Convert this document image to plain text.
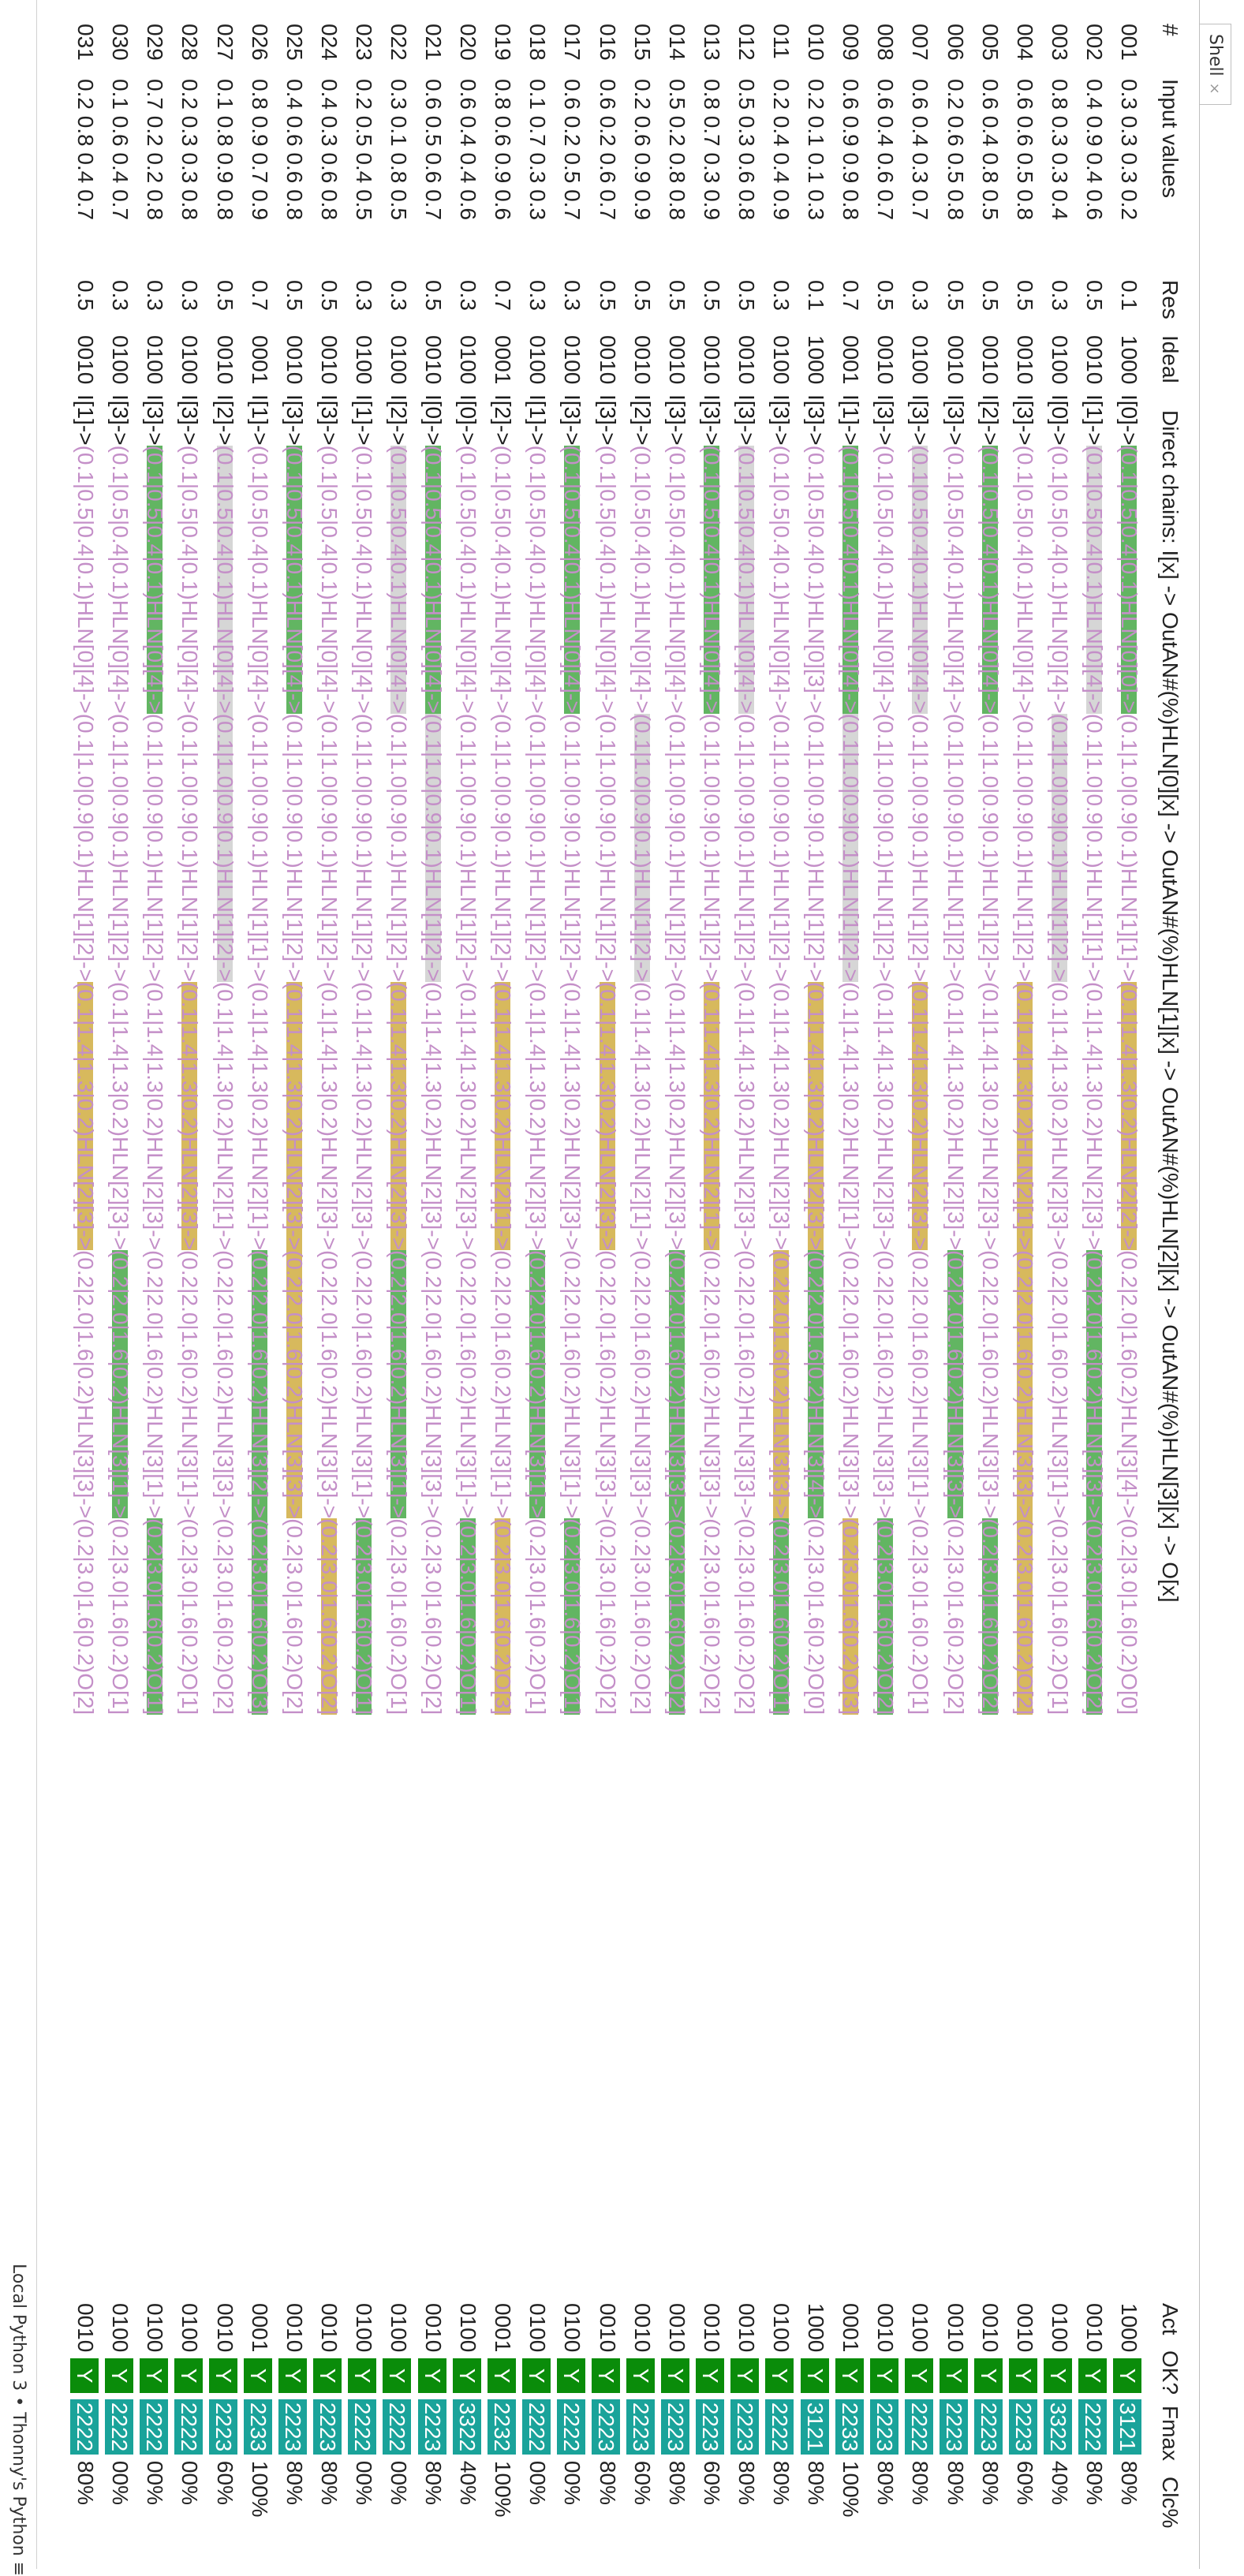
Shell×
#
Input values
Res
Ideal
Direct chains: I[x] -> OutAN#(%)HLN[0][x] -> OutAN#(%)HLN[1][x] -> OutAN#(%)HLN[2][x] -> OutAN#(%)HLN[3][x] -> O[x]
Act
OK?
Fmax
Clc%
001
0.3 0.3 0.3 0.2
0.1
1000
I[0]->
(0.1|0.5|0.4|0.1)HLN[0][0]->(0.1|1.0|0.9|0.1)HLN[1][1]->
(0.1|1.4|1.3|0.2)HLN[2][2]->(0.2|2.0|1.6|0.2)HLN[3][4]->(0.2|3.0|1.6|0.2)O[0]
1000 Y 3121 80%
002
0.4 0.9 0.4 0.6
0.5
0010
I[1]->
(0.1|0.5|0.4|0.1)HLN[0][4]->(0.1|1.0|0.9|0.1)HLN[1][1]->(0.1|1.4|1.3|0.2)HLN[2][3]->
(0.2|2.0|1.6|0.2)HLN[3][3]->
(0.2|3.0|1.6|0.2)O[2]
0010 Y 2222 80%
003
0.8 0.3 0.3 0.4
0.3
0100
I[0]->(0.1|0.5|0.4|0.1)HLN[0][4]->
(0.1|1.0|0.9|0.1)HLN[1][2]->(0.1|1.4|1.3|0.2)HLN[2][3]->(0.2|2.0|1.6|0.2)HLN[3][1]->(0.2|3.0|1.6|0.2)O[1]
0100 Y 3322 40%
004
0.6 0.6 0.5 0.8
0.5
0010
I[3]->(0.1|0.5|0.4|0.1)HLN[0][4]->(0.1|1.0|0.9|0.1)HLN[1][2]->
(0.1|1.4|1.3|0.2)HLN[2][1]->
(0.2|2.0|1.6|0.2)HLN[3][3]->
(0.2|3.0|1.6|0.2)O[2]
0010 Y 2223 60%
005
0.6 0.4 0.8 0.5
0.5
0010
I[2]->
(0.1|0.5|0.4|0.1)HLN[0][4]->(0.1|1.0|0.9|0.1)HLN[1][2]->(0.1|1.4|1.3|0.2)HLN[2][3]->(0.2|2.0|1.6|0.2)HLN[3][3]->
(0.2|3.0|1.6|0.2)O[2]
0010 Y 2223 80%
006
0.2 0.6 0.5 0.8
0.5
0010
I[3]->(0.1|0.5|0.4|0.1)HLN[0][4]->(0.1|1.0|0.9|0.1)HLN[1][2]->(0.1|1.4|1.3|0.2)HLN[2][3]->
(0.2|2.0|1.6|0.2)HLN[3][3]->(0.2|3.0|1.6|0.2)O[2]
0010 Y 2223 80%
007
0.6 0.4 0.3 0.7
0.3
0100
I[3]->
(0.1|0.5|0.4|0.1)HLN[0][4]->(0.1|1.0|0.9|0.1)HLN[1][2]->
(0.1|1.4|1.3|0.2)HLN[2][3]->(0.2|2.0|1.6|0.2)HLN[3][1]->(0.2|3.0|1.6|0.2)O[1]
0100 Y 2222 80%
008
0.6 0.4 0.6 0.7
0.5
0010
I[3]->(0.1|0.5|0.4|0.1)HLN[0][4]->(0.1|1.0|0.9|0.1)HLN[1][2]->(0.1|1.4|1.3|0.2)HLN[2][3]->(0.2|2.0|1.6|0.2)HLN[3][3]->
(0.2|3.0|1.6|0.2)O[2]
0010 Y 2223 80%
009
0.6 0.9 0.9 0.8
0.7
0001
I[1]->
(0.1|0.5|0.4|0.1)HLN[0][4]->
(0.1|1.0|0.9|0.1)HLN[1][2]->(0.1|1.4|1.3|0.2)HLN[2][1]->(0.2|2.0|1.6|0.2)HLN[3][3]->
(0.2|3.0|1.6|0.2)O[3]
0001 Y 2233 100%
010
0.2 0.1 0.1 0.3
0.1
1000
I[3]->(0.1|0.5|0.4|0.1)HLN[0][3]->(0.1|1.0|0.9|0.1)HLN[1][2]->
(0.1|1.4|1.3|0.2)HLN[2][3]->
(0.2|2.0|1.6|0.2)HLN[3][4]->(0.2|3.0|1.6|0.2)O[0]
1000 Y 3121 80%
011
0.2 0.4 0.4 0.9
0.3
0100
I[3]->(0.1|0.5|0.4|0.1)HLN[0][4]->(0.1|1.0|0.9|0.1)HLN[1][2]->(0.1|1.4|1.3|0.2)HLN[2][3]->
(0.2|2.0|1.6|0.2)HLN[3][3]->
(0.2|3.0|1.6|0.2)O[1]
0100 Y 2222 80%
012
0.5 0.3 0.6 0.8
0.5
0010
I[3]->
(0.1|0.5|0.4|0.1)HLN[0][4]->(0.1|1.0|0.9|0.1)HLN[1][2]->(0.1|1.4|1.3|0.2)HLN[2][3]->(0.2|2.0|1.6|0.2)HLN[3][3]->(0.2|3.0|1.6|0.2)O[2]
0010 Y 2223 80%
013
0.8 0.7 0.3 0.9
0.5
0010
I[3]->
(0.1|0.5|0.4|0.1)HLN[0][4]->(0.1|1.0|0.9|0.1)HLN[1][2]->
(0.1|1.4|1.3|0.2)HLN[2][1]->(0.2|2.0|1.6|0.2)HLN[3][3]->(0.2|3.0|1.6|0.2)O[2]
0010 Y 2223 60%
014
0.5 0.2 0.8 0.8
0.5
0010
I[3]->(0.1|0.5|0.4|0.1)HLN[0][4]->(0.1|1.0|0.9|0.1)HLN[1][2]->(0.1|1.4|1.3|0.2)HLN[2][3]->
(0.2|2.0|1.6|0.2)HLN[3][3]->
(0.2|3.0|1.6|0.2)O[2]
0010 Y 2223 80%
015
0.2 0.6 0.9 0.9
0.5
0010
I[2]->(0.1|0.5|0.4|0.1)HLN[0][4]->
(0.1|1.0|0.9|0.1)HLN[1][2]->(0.1|1.4|1.3|0.2)HLN[2][1]->(0.2|2.0|1.6|0.2)HLN[3][3]->(0.2|3.0|1.6|0.2)O[2]
0010 Y 2223 60%
016
0.6 0.2 0.6 0.7
0.5
0010
I[3]->(0.1|0.5|0.4|0.1)HLN[0][4]->(0.1|1.0|0.9|0.1)HLN[1][2]->
(0.1|1.4|1.3|0.2)HLN[2][3]->(0.2|2.0|1.6|0.2)HLN[3][3]->(0.2|3.0|1.6|0.2)O[2]
0010 Y 2223 80%
017
0.6 0.2 0.5 0.7
0.3
0100
I[3]->
(0.1|0.5|0.4|0.1)HLN[0][4]->(0.1|1.0|0.9|0.1)HLN[1][2]->(0.1|1.4|1.3|0.2)HLN[2][3]->(0.2|2.0|1.6|0.2)HLN[3][1]->
(0.2|3.0|1.6|0.2)O[1]
0100 Y 2222 00%
018
0.1 0.7 0.3 0.3
0.3
0100
I[1]->(0.1|0.5|0.4|0.1)HLN[0][4]->(0.1|1.0|0.9|0.1)HLN[1][2]->(0.1|1.4|1.3|0.2)HLN[2][3]->
(0.2|2.0|1.6|0.2)HLN[3][1]->(0.2|3.0|1.6|0.2)O[1]
0100 Y 2222 00%
019
0.8 0.6 0.9 0.6
0.7
0001
I[2]->(0.1|0.5|0.4|0.1)HLN[0][4]->(0.1|1.0|0.9|0.1)HLN[1][2]->
(0.1|1.4|1.3|0.2)HLN[2][1]->(0.2|2.0|1.6|0.2)HLN[3][1]->
(0.2|3.0|1.6|0.2)O[3]
0001 Y 2232 100%
020
0.6 0.4 0.4 0.6
0.3
0100
I[0]->(0.1|0.5|0.4|0.1)HLN[0][4]->(0.1|1.0|0.9|0.1)HLN[1][2]->(0.1|1.4|1.3|0.2)HLN[2][3]->(0.2|2.0|1.6|0.2)HLN[3][1]->
(0.2|3.0|1.6|0.2)O[1]
0100 Y 3322 40%
021
0.6 0.5 0.6 0.7
0.5
0010
I[0]->
(0.1|0.5|0.4|0.1)HLN[0][4]->
(0.1|1.0|0.9|0.1)HLN[1][2]->(0.1|1.4|1.3|0.2)HLN[2][3]->(0.2|2.0|1.6|0.2)HLN[3][3]->(0.2|3.0|1.6|0.2)O[2]
0010 Y 2223 80%
022
0.3 0.1 0.8 0.5
0.3
0100
I[2]->
(0.1|0.5|0.4|0.1)HLN[0][4]->(0.1|1.0|0.9|0.1)HLN[1][2]->
(0.1|1.4|1.3|0.2)HLN[2][3]->
(0.2|2.0|1.6|0.2)HLN[3][1]->(0.2|3.0|1.6|0.2)O[1]
0100 Y 2222 00%
023
0.2 0.5 0.4 0.5
0.3
0100
I[1]->(0.1|0.5|0.4|0.1)HLN[0][4]->(0.1|1.0|0.9|0.1)HLN[1][2]->(0.1|1.4|1.3|0.2)HLN[2][3]->(0.2|2.0|1.6|0.2)HLN[3][1]->
(0.2|3.0|1.6|0.2)O[1]
0100 Y 2222 00%
024
0.4 0.3 0.6 0.8
0.5
0010
I[3]->(0.1|0.5|0.4|0.1)HLN[0][4]->(0.1|1.0|0.9|0.1)HLN[1][2]->(0.1|1.4|1.3|0.2)HLN[2][3]->(0.2|2.0|1.6|0.2)HLN[3][3]->
(0.2|3.0|1.6|0.2)O[2]
0010 Y 2223 80%
025
0.4 0.6 0.6 0.8
0.5
0010
I[3]->
(0.1|0.5|0.4|0.1)HLN[0][4]->(0.1|1.0|0.9|0.1)HLN[1][2]->
(0.1|1.4|1.3|0.2)HLN[2][3]->
(0.2|2.0|1.6|0.2)HLN[3][3]->(0.2|3.0|1.6|0.2)O[2]
0010 Y 2223 80%
026
0.8 0.9 0.7 0.9
0.7
0001
I[1]->(0.1|0.5|0.4|0.1)HLN[0][4]->(0.1|1.0|0.9|0.1)HLN[1][1]->(0.1|1.4|1.3|0.2)HLN[2][1]->
(0.2|2.0|1.6|0.2)HLN[3][2]->
(0.2|3.0|1.6|0.2)O[3]
0001 Y 2233 100%
027
0.1 0.8 0.9 0.8
0.5
0010
I[2]->
(0.1|0.5|0.4|0.1)HLN[0][4]->
(0.1|1.0|0.9|0.1)HLN[1][2]->(0.1|1.4|1.3|0.2)HLN[2][1]->(0.2|2.0|1.6|0.2)HLN[3][3]->(0.2|3.0|1.6|0.2)O[2]
0010 Y 2223 60%
028
0.2 0.3 0.3 0.8
0.3
0100
I[3]->(0.1|0.5|0.4|0.1)HLN[0][4]->(0.1|1.0|0.9|0.1)HLN[1][2]->
(0.1|1.4|1.3|0.2)HLN[2][3]->(0.2|2.0|1.6|0.2)HLN[3][1]->(0.2|3.0|1.6|0.2)O[1]
0100 Y 2222 00%
029
0.7 0.2 0.2 0.8
0.3
0100
I[3]->
(0.1|0.5|0.4|0.1)HLN[0][4]->(0.1|1.0|0.9|0.1)HLN[1][2]->(0.1|1.4|1.3|0.2)HLN[2][3]->(0.2|2.0|1.6|0.2)HLN[3][1]->
(0.2|3.0|1.6|0.2)O[1]
0100 Y 2222 00%
030
0.1 0.6 0.4 0.7
0.3
0100
I[3]->(0.1|0.5|0.4|0.1)HLN[0][4]->(0.1|1.0|0.9|0.1)HLN[1][2]->(0.1|1.4|1.3|0.2)HLN[2][3]->
(0.2|2.0|1.6|0.2)HLN[3][1]->(0.2|3.0|1.6|0.2)O[1]
0100 Y 2222 00%
031
0.2 0.8 0.4 0.7
0.5
0010
I[1]->(0.1|0.5|0.4|0.1)HLN[0][4]->(0.1|1.0|0.9|0.1)HLN[1][2]->
(0.1|1.4|1.3|0.2)HLN[2][3]->(0.2|2.0|1.6|0.2)HLN[3][3]->(0.2|3.0|1.6|0.2)O[2]
0010 Y 2222 80%
Local Python 3 • Thonny's Python ≡
